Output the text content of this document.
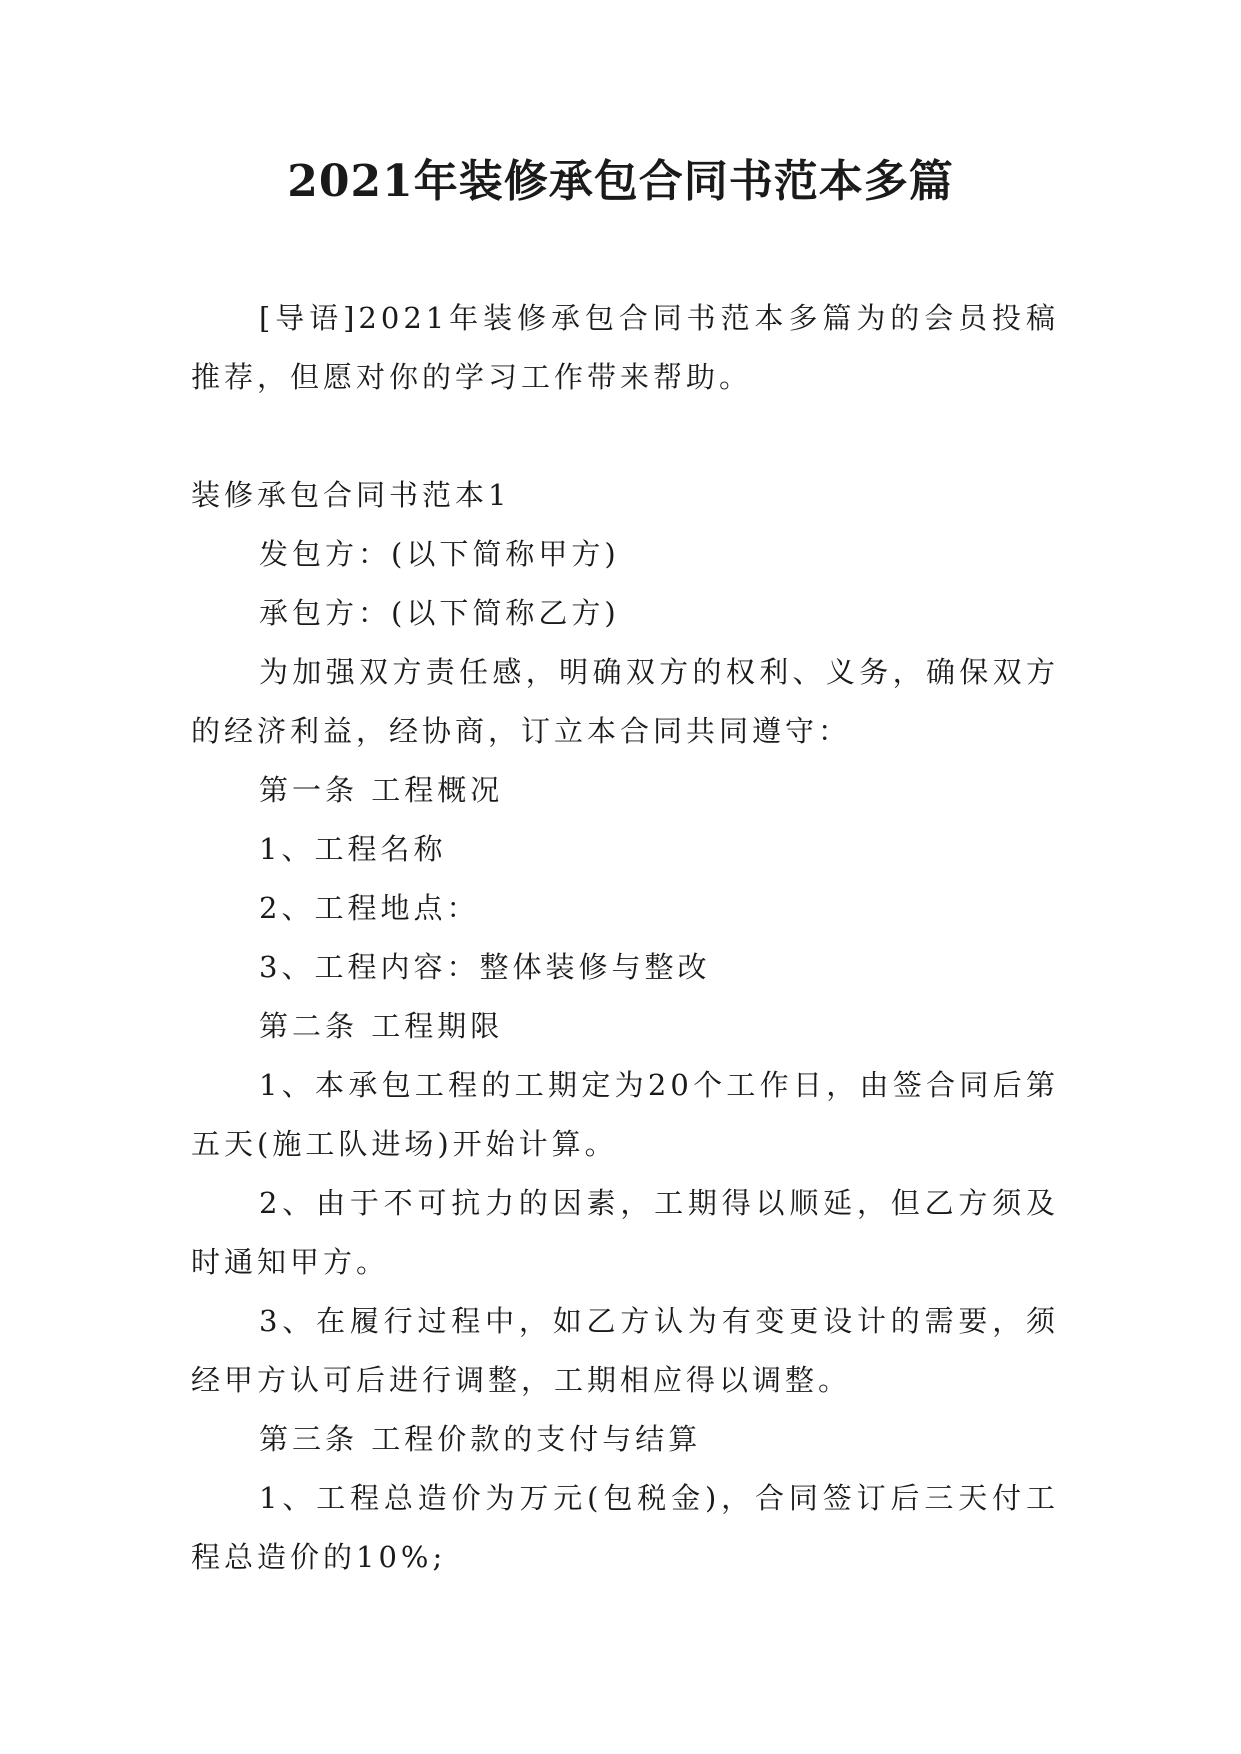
2021年装修承包合同书范本多篇

[导语]2021年装修承包合同书范本多篇为的会员投稿推荐，但愿对你的学习工作带来帮助。

装修承包合同书范本1

发包方：(以下简称甲方)

承包方：(以下简称乙方)

为加强双方责任感，明确双方的权利、义务，确保双方的经济利益，经协商，订立本合同共同遵守：

第一条 工程概况

1、工程名称

2、工程地点：

3、工程内容：整体装修与整改

第二条 工程期限

1、本承包工程的工期定为20个工作日，由签合同后第五天(施工队进场)开始计算。

2、由于不可抗力的因素，工期得以顺延，但乙方须及时通知甲方。

3、在履行过程中，如乙方认为有变更设计的需要，须经甲方认可后进行调整，工期相应得以调整。

第三条 工程价款的支付与结算

1、工程总造价为万元(包税金)，合同签订后三天付工程总造价的10%;
